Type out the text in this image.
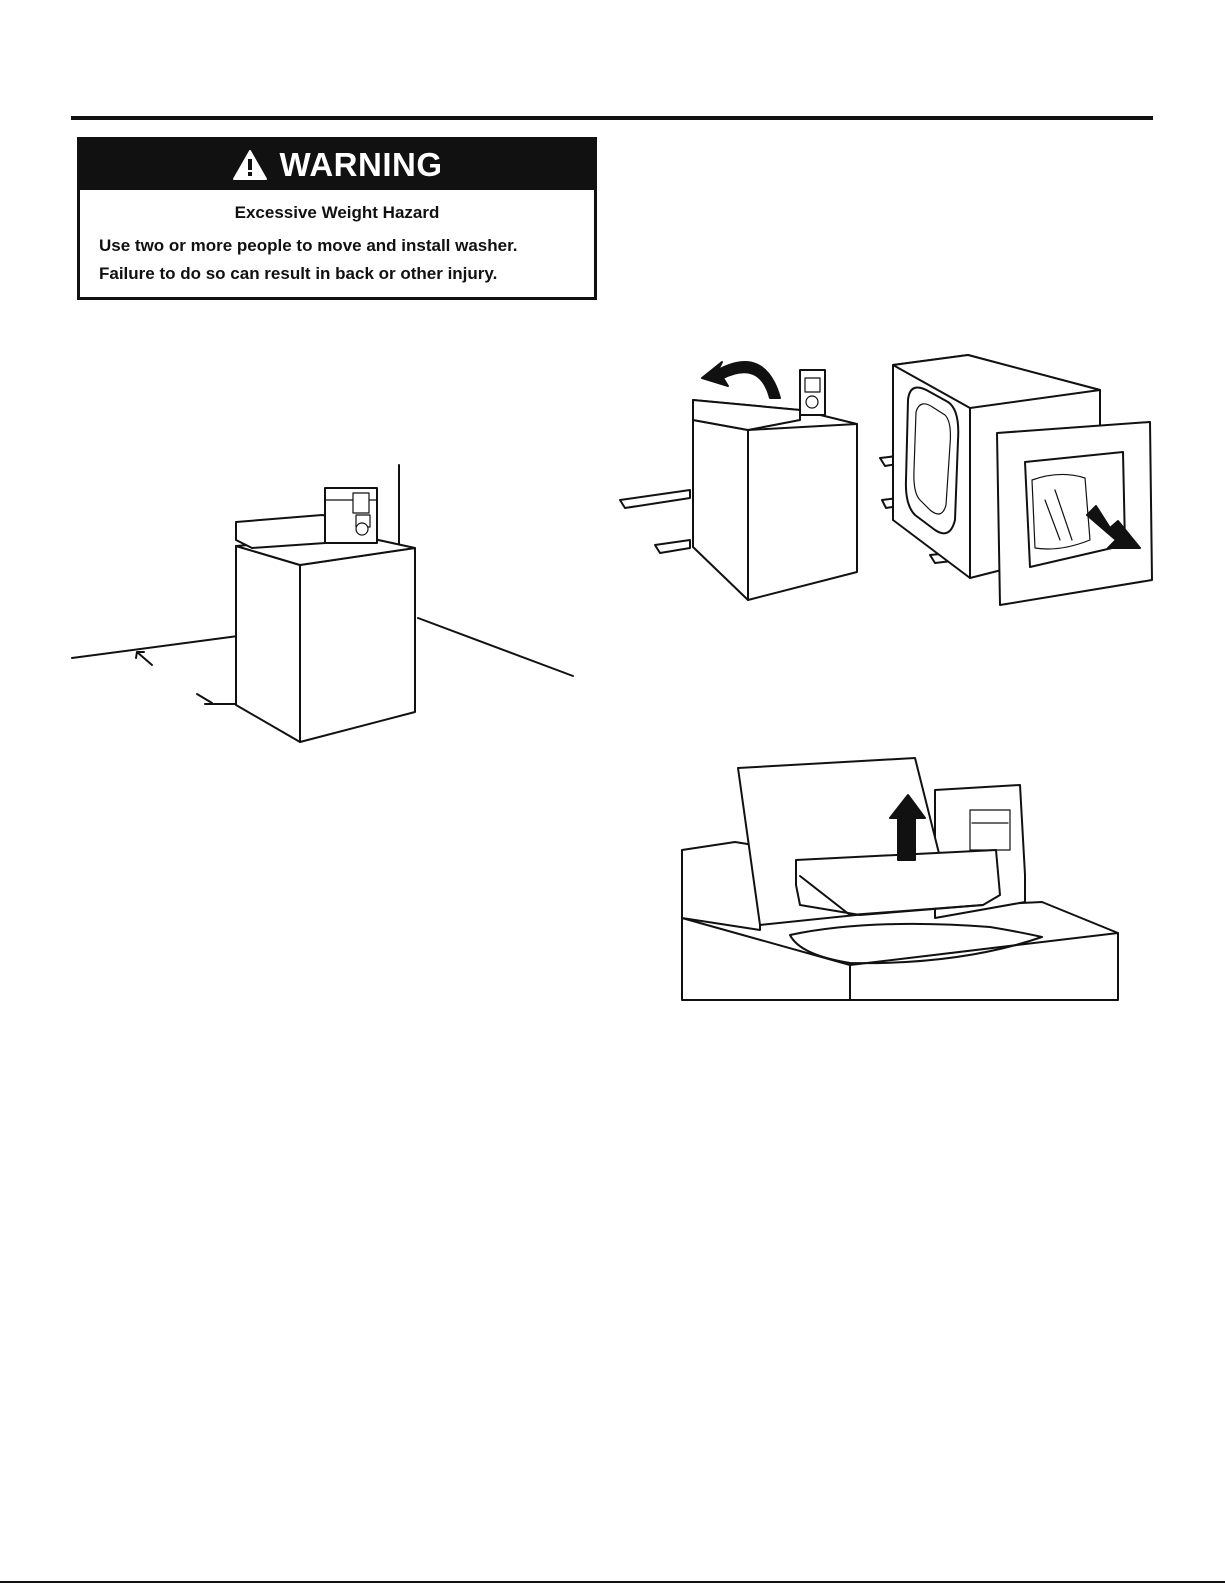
WARNING
Excessive Weight Hazard
Use two or more people to move and install washer.
Failure to do so can result in back or other injury.
